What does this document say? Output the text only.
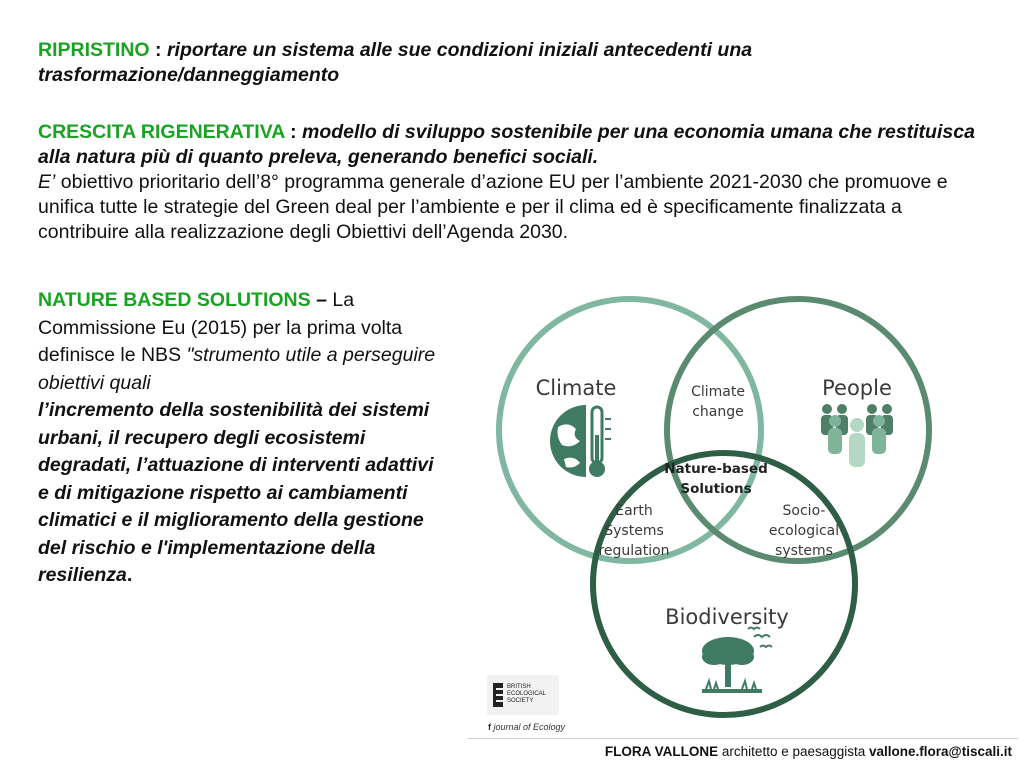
RIPRISTINO : riportare un sistema alle sue condizioni iniziali antecedenti una trasformazione/danneggiamento
CRESCITA RIGENERATIVA : modello di sviluppo sostenibile per una economia umana che restituisca alla natura più di quanto preleva, generando benefici sociali.
E’ obiettivo prioritario dell’8° programma generale d’azione EU per l’ambiente 2021-2030 che promuove e unifica tutte le strategie del Green deal per l’ambiente e per il clima ed è specificamente finalizzata a contribuire alla realizzazione degli Obiettivi dell’Agenda 2030.
NATURE BASED SOLUTIONS – La Commissione Eu (2015) per la prima volta definisce le NBS "strumento utile a perseguire obiettivi quali
l’incremento della sostenibilità dei sistemi urbani, il recupero degli ecosistemi degradati, l’attuazione di interventi adattivi e di mitigazione rispetto ai cambiamenti climatici e il miglioramento della gestione del rischio e l'implementazione della resilienza.
Climate	People
Biodiversity
Climate
change
Earth
Systems
regulation
Socio-
ecological
systems
Nature-based
Solutions
BRITISH
ECOLOGICAL
SOCIETY
f journal of Ecology
FLORA VALLONE architetto e paesaggista vallone.flora@tiscali.it
